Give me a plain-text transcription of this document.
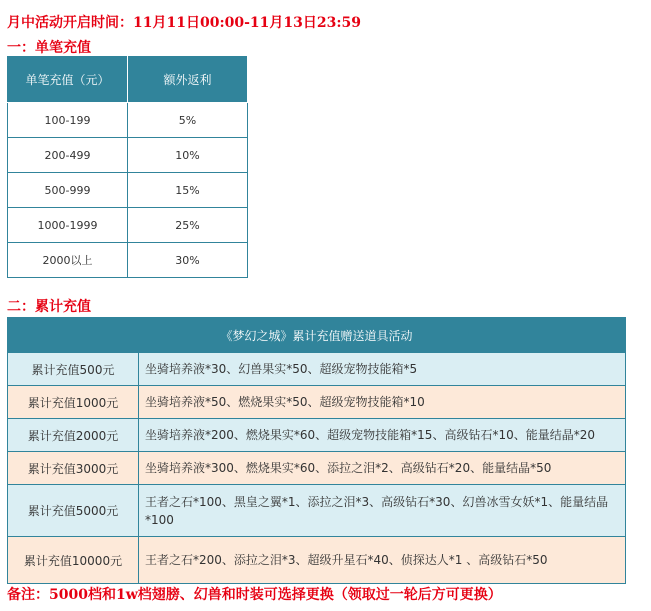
月中活动开启时间：11月11日00:00-11月13日23:59
一：单笔充值
单笔充值（元）	额外返利
100-199	5%
200-499	10%
500-999	15%
1000-1999	25%
2000以上	30%
二：累计充值
《梦幻之城》累计充值赠送道具活动	
累计充值500元	坐骑培养液*30、幻兽果实*50、超级宠物技能箱*5
累计充值1000元	坐骑培养液*50、燃烧果实*50、超级宠物技能箱*10
累计充值2000元	坐骑培养液*200、燃烧果实*60、超级宠物技能箱*15、高级钻石*10、能量结晶*20
累计充值3000元	坐骑培养液*300、燃烧果实*60、添拉之泪*2、高级钻石*20、能量结晶*50
累计充值5000元	王者之石*100、黑皇之翼*1、添拉之泪*3、高级钻石*30、幻兽冰雪女妖*1、能量结晶*100
累计充值10000元	王者之石*200、添拉之泪*3、超级升星石*40、侦探达人*1 、高级钻石*50
备注：5000档和1w档翅膀、幻兽和时装可选择更换（领取过一轮后方可更换）
